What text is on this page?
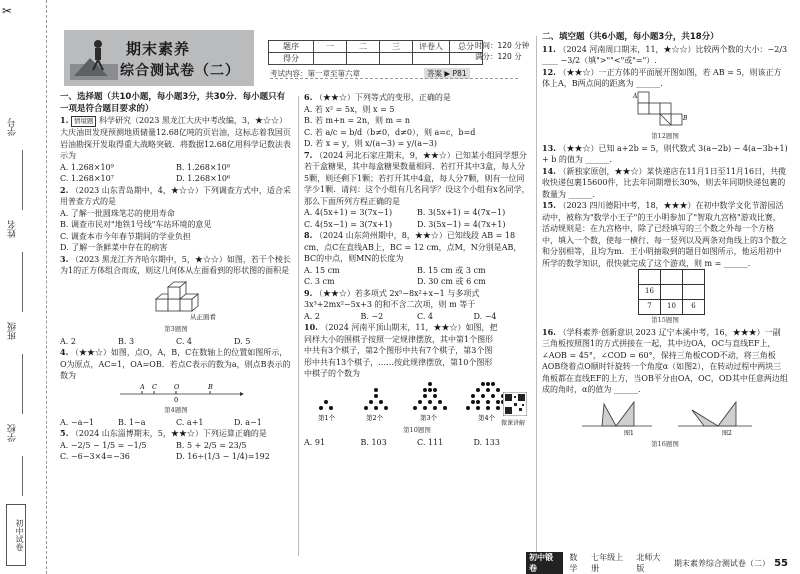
✂
学号
姓名
班级
学校
初中试卷
期末素养
综合测试卷（二）
题序	一	二	三	评卷人	总分
得分					
时间：120 分钟
满分：120 分
考试内容：第一章至第六章	答案 ▶ P81
一、选择题（共10小题，每小题3分，共30分．每小题只有一项是符合题目要求的）
1. 情境题 科学研究（2023 黑龙江大庆中考改编，3，★☆☆）大庆油田发现预测地质储量12.68亿吨的页岩油，这标志着我国页岩油勘探开发取得重大战略突破．将数据12.68亿用科学记数法表示为
A. 1.268×10⁹	B. 1.268×10⁸
C. 1.268×10⁷	D. 1.268×10⁶
2. （2023 山东青岛期中，4，★☆☆）下列调查方式中，适合采用普查方式的是
A. 了解一批圆珠笔芯的使用寿命
B. 调查市民对"地铁1号线"车站环境的意见
C. 调查本市今年春节期间的学业负担
D. 了解一条鲜菜中存在的病害
3. （2023 黑龙江齐齐哈尔期中，5，★☆☆）如图，若干个棱长为1的正方体组合而成，则这几何体从左面看到的形状图的面积是
从正面看
第3题图
A. 2	B. 3	C. 4	D. 5
4. （★★☆）如图，点O，A，B，C在数轴上的位置如图所示，O为原点，AC=1，OA=OB．若点C表示的数为a，则点B表示的数为
A C	O	B
0
第4题图
A. −a−1	B. 1−a	C. a+1	D. a−1
5. （2024 山东淄博期末，5，★★☆）下列运算正确的是
A. −2/5 − 1/5 = −1/5	B. 5 + 2/5 = 23/5
C. −6−3×4=−36	D. 16÷(1/3 − 1/4)=192
6. （★★☆）下列等式的变形，正确的是
A. 若 x² = 5x，则 x = 5
B. 若 m+n = 2n，则 m = n
C. 若 a/c = b/d（b≠0，d≠0），则 a=c，b=d
D. 若 x = y，则 x/(a−3) = y/(a−3)
7. （2024 河北石家庄期末，9，★★☆）已知某小组同学想分若干盒糖果，其中每盒糖果数量相同．若打开其中3盒，每人分5颗，则还剩下1颗；若打开其中4盒，每人分7颗，则有一位同学少1颗．请问：这个小组有几名同学？设这个小组有x名同学，那么下面所列方程正确的是
A. 4(5x+1) = 3(7x−1)	B. 3(5x+1) = 4(7x−1)
C. 4(5x−1) = 3(7x+1)	D. 3(5x−1) = 4(7x+1)
8. （2024 山东菏州期中，8，★★☆）已知线段 AB = 18 cm，点C在直线AB上，BC = 12 cm，点M，N分别是AB，BC的中点，则MN的长度为
A. 15 cm	B. 15 cm 或 3 cm
C. 3 cm	D. 30 cm 或 6 cm
9. （★★☆）若多项式 2x⁵−8x²+x−1 与多项式 3x³+2mx²−5x+3 的和不含二次项，则 m 等于
A. 2	B. −2	C. 4	D. −4
10. （2024 河南平顶山期末，11，★★☆）如图，把同样大小的围棋子按照一定规律摆放，其中第1个图形中共有3个棋子，第2个图形中共有7个棋子，第3个图形中共有13个棋子，……按此规律摆放，第10个图形中棋子的个数为
第1个	第2个	第3个	第4个
第10题图
A. 91	B. 103	C. 111	D. 133
微课讲解
二、填空题（共6小题，每小题3分，共18分）
11. （2024 河南周口期末，11，★☆☆）比较两个数的大小：−2/3 ____ −3/2（填">""<"或"="）.
12. （★★☆）一正方体的平面展开图如图，若 AB = 5，则该正方体上A，B两点间的距离为 ______．
A
B
第12题图
13. （★★☆）已知 a+2b = 5，则代数式 3(a−2b) − 4(a−3b+1) + b 的值为 ______．
14. （新独家原创，★★☆）某快递店在11月1日至11月16日，共揽收快递包裹15600件，比去年同期增长30%，则去年同期快递包裹的数量为 ______．
15. （2023 四川德阳中考，18，★★★）在初中数学文化节游园活动中，被称为"数学小王子"的王小明参加了"智取九宫格"游戏比赛，活动规则是：在九宫格中，除了已经填写的三个数之外每一个方格中，填入一个数，使每一横行、每一竖列以及两条对角线上的3个数之和分别相等，且均为m．王小明抽取到的题目如图所示，他运用初中所学的数学知识，很快就完成了这个游戏，则 m = ______．

16		
7	10	6
第15题图
16. （学科素养·创新意识 2023 辽宁本溪中考，16，★★★）一副三角板按照图1的方式拼接在一起，其中边OA，OC与直线EF上，∠AOB = 45°，∠COD = 60°，保持三角板COD不动，将三角板AOB绕着点O顺时针旋转一个角度α（如图2），在转动过程中两块三角板都在直线EF的上方，当OB平分由OA，OC，OD其中任意两边组成的角时，α的值为 ______．
图1	图2
第16题图
初中锻卷
数学
七年级上册
北师大版
期末素养综合测试卷（二） 55
